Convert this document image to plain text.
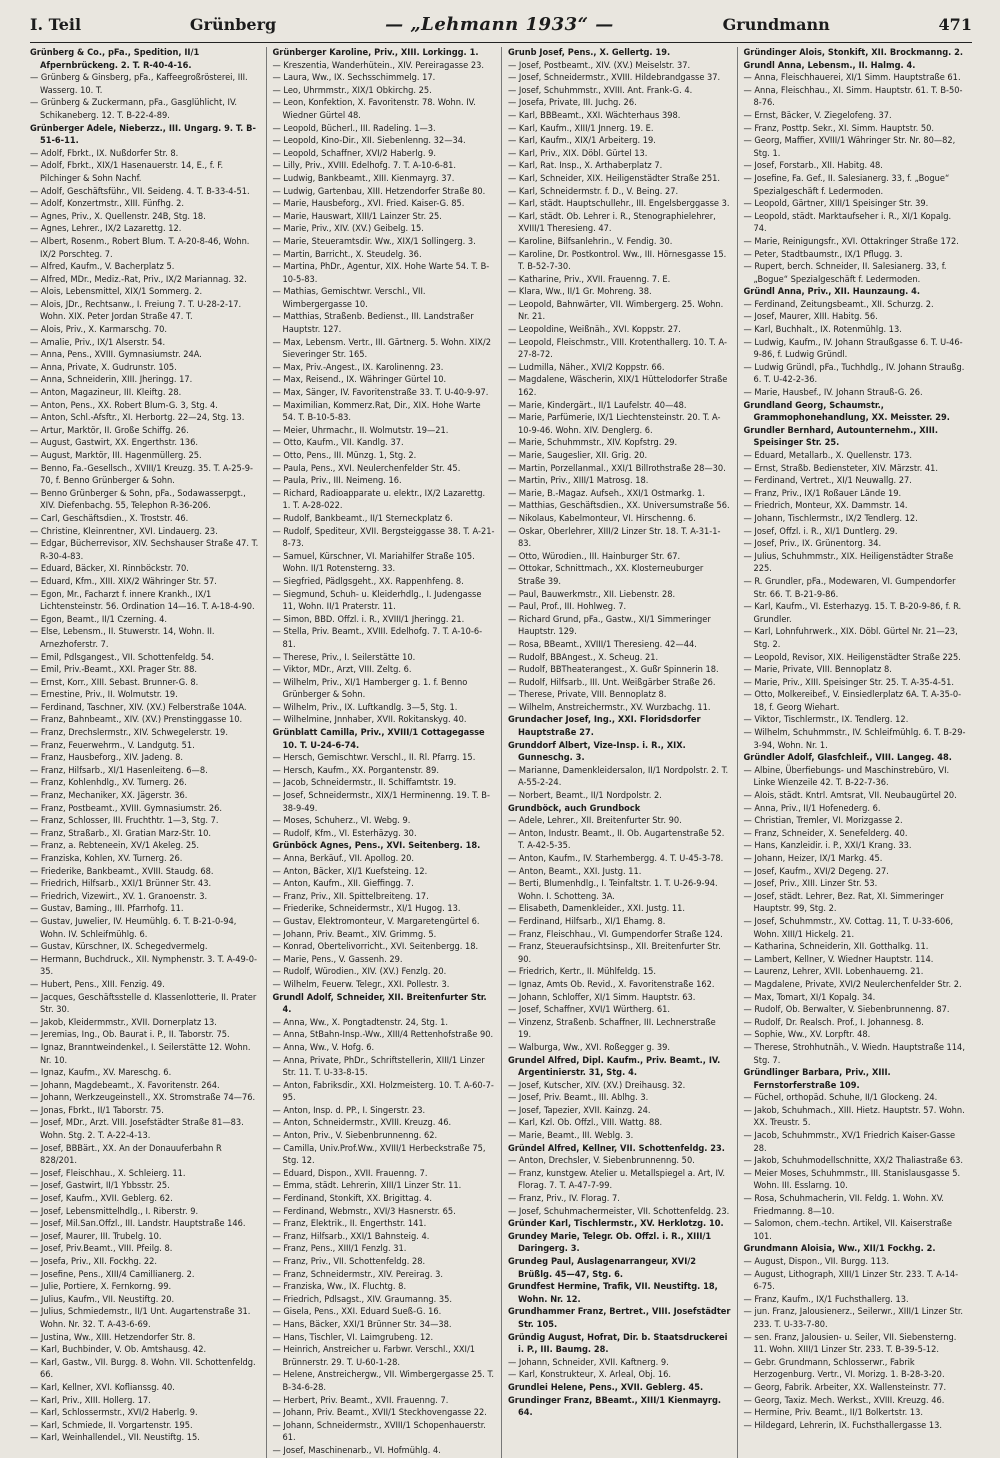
I. Teil	Grünberg	— „Lehmann 1933“ —	Grundmann	471

Grünberg & Co., pFa., Spedition, II/1 Afpernbrückeng. 2. T. R-40-4-16.

— Grünberg & Ginsberg, pFa., Kaffeegroßrösterei, III. Wasserg. 10. T.

— Grünberg & Zuckermann, pFa., Gasglühlicht, IV. Schikaneberg. 12. T. B-22-4-89.

Grünberger Adele, Nieberzz., III. Ungarg. 9. T. B-51-6-11.

— Adolf, Fbrkt., IX. Nußdorfer Str. 8.

— Adolf, Fbrkt., XIX/1 Hasenauerstr. 14, E., f. F. Pilchinger & Sohn Nachf.

— Adolf, Geschäftsführ., VII. Seideng. 4. T. B-33-4-51.

— Adolf, Konzertmstr., XIII. Fünfhg. 2.

— Agnes, Priv., X. Quellenstr. 24B, Stg. 18.

— Agnes, Lehrer., IX/2 Lazarettg. 12.

— Albert, Rosenm., Robert Blum. T. A-20-8-46, Wohn. IX/2 Porschteg. 7.

— Alfred, Kaufm., V. Bacherplatz 5.

— Alfred, MDr., Mediz.-Rat, Priv., IX/2 Mariannag. 32.

— Alois, Lebensmittel, XIX/1 Sommerg. 2.

— Alois, JDr., Rechtsanw., I. Freiung 7. T. U-28-2-17. Wohn. XIX. Peter Jordan Straße 47. T.

— Alois, Priv., X. Karmarschg. 70.

— Amalie, Priv., IX/1 Alserstr. 54.

— Anna, Pens., XVIII. Gymnasiumstr. 24A.

— Anna, Private, X. Gudrunstr. 105.

— Anna, Schneiderin, XIII. Jheringg. 17.

— Anton, Magazineur, III. Kleiftg. 28.

— Anton, Pens., XX. Robert Blum-G. 3, Stg. 4.

— Anton, Schl.-Afsftr., XI. Herbortg. 22—24, Stg. 13.

— Artur, Marktör, II. Große Schiffg. 26.

— August, Gastwirt, XX. Engerthstr. 136.

— August, Marktör, III. Hagenmüllerg. 25.

— Benno, Fa.-Gesellsch., XVIII/1 Kreuzg. 35. T. A-25-9-70, f. Benno Grünberger & Sohn.

— Benno Grünberger & Sohn, pFa., Sodawasserpgt., XIV. Diefenbachg. 55, Telephon R-36-206.

— Carl, Geschäftsdien., X. Troststr. 46.

— Christine, Kleinrentner, XVI. Lindauerg. 23.

— Edgar, Bücherrevisor, XIV. Sechshauser Straße 47. T. R-30-4-83.

— Eduard, Bäcker, XI. Rinnböckstr. 70.

— Eduard, Kfm., XIII. XIX/2 Währinger Str. 57.

— Egon, Mr., Facharzt f. innere Krankh., IX/1 Lichtensteinstr. 56. Ordination 14—16. T. A-18-4-90.

— Egon, Beamt., II/1 Czerning. 4.

— Else, Lebensm., II. Stuwerstr. 14, Wohn. II. Arnezhoferstr. 7.

— Emil, Pdlsgangest., VII. Schottenfeldg. 54.

— Emil, Priv.-Beamt., XXI. Prager Str. 88.

— Ernst, Korr., XIII. Sebast. Brunner-G. 8.

— Ernestine, Priv., II. Wolmutstr. 19.

— Ferdinand, Taschner, XIV. (XV.) Felberstraße 104A.

— Franz, Bahnbeamt., XIV. (XV.) Prenstinggasse 10.

— Franz, Drechslermstr., XIV. Schwegelerstr. 19.

— Franz, Feuerwehrm., V. Landgutg. 51.

— Franz, Hausbeforg., XIV. Jadeng. 8.

— Franz, Hilfsarb., XI/1 Hasenleiteng. 6—8.

— Franz, Kohlenhdlg., XV. Turnerg. 26.

— Franz, Mechaniker, XX. Jägerstr. 36.

— Franz, Postbeamt., XVIII. Gymnasiumstr. 26.

— Franz, Schlosser, III. Fruchthtr. 1—3, Stg. 7.

— Franz, Straßarb., XI. Gratian Marz-Str. 10.

— Franz, a. Rebteneein, XV/1 Akeleg. 25.

— Franziska, Kohlen, XV. Turnerg. 26.

— Friederike, Bankbeamt., XVIII. Staudg. 68.

— Friedrich, Hilfsarb., XXI/1 Brünner Str. 43.

— Friedrich, Vizewirt., XV. 1. Granoenstr. 3.

— Gustav, Baming., III. Pfarrhofg. 11.

— Gustav, Juwelier, IV. Heumühlg. 6. T. B-21-0-94, Wohn. IV. Schleifmühlg. 6.

— Gustav, Kürschner, IX. Schegedvermelg.

— Hermann, Buchdruck., XII. Nymphenstr. 3. T. A-49-0-35.

— Hubert, Pens., XIII. Fenzig. 49.

— Jacques, Geschäftsstelle d. Klassenlotterie, II. Prater Str. 30.

— Jakob, Kleidermmstr., XVII. Dornerplatz 13.

— Jeremias, Ing., Ob. Baurat i. P., II. Taborstr. 75.

— Ignaz, Branntweindenkel., I. Seilerstätte 12. Wohn. Nr. 10.

— Ignaz, Kaufm., XV. Mareschg. 6.

— Johann, Magdebeamt., X. Favoritenstr. 264.

— Johann, Werkzeugeinstell., XX. Stromstraße 74—76.

— Jonas, Fbrkt., II/1 Taborstr. 75.

— Josef, MDr., Arzt. VIII. Josefstädter Straße 81—83. Wohn. Stg. 2. T. A-22-4-13.

— Josef, BBBärt., XX. An der Donauuferbahn R 828/201.

— Josef, Fleischhau., X. Schleierg. 11.

— Josef, Gastwirt, II/1 Ybbsstr. 25.

— Josef, Kaufm., XVII. Geblerg. 62.

— Josef, Lebensmittelhdlg., I. Riberstr. 9.

— Josef, Mil.San.Offzl., III. Landstr. Hauptstraße 146.

— Josef, Maurer, III. Trubelg. 10.

— Josef, Priv.Beamt., VIII. Pfeilg. 8.

— Josefa, Priv., XII. Fockhg. 22.

— Josefine, Pens., XIII/4 Camillianerg. 2.

— Julie, Portiere, X. Fernkorng. 99.

— Julius, Kaufm., VII. Neustiftg. 20.

— Julius, Schmiedemstr., II/1 Unt. Augartenstraße 31. Wohn. Nr. 32. T. A-43-6-69.

— Justina, Ww., XIII. Hetzendorfer Str. 8.

— Karl, Buchbinder, V. Ob. Amtshausg. 42.

— Karl, Gastw., VII. Burgg. 8. Wohn. VII. Schottenfeldg. 66.

— Karl, Kellner, XVI. Koflianssg. 40.

— Karl, Priv., XIII. Hollerg. 17.

— Karl, Schlossermstr., XVI/2 Haberlg. 9.

— Karl, Schmiede, II. Vorgartenstr. 195.

— Karl, Weinhallendel., VII. Neustiftg. 15.

Grünberger Karoline, Priv., XIII. Lorkingg. 1.

— Kreszentia, Wanderhütein., XIV. Pereiragasse 23.

— Laura, Ww., IX. Sechsschimmelg. 17.

— Leo, Uhrmmstr., XIX/1 Obkirchg. 25.

— Leon, Konfektion, X. Favoritenstr. 78. Wohn. IV. Wiedner Gürtel 48.

— Leopold, Bücherl., III. Radeling. 1—3.

— Leopold, Kino-Dir., XII. Siebenlenng. 32—34.

— Leopold, Schaffner, XVI/2 Haberlg. 9.

— Lilly, Priv., XVIII. Edelhofg. 7. T. A-10-6-81.

— Ludwig, Bankbeamt., XIII. Kienmayrg. 37.

— Ludwig, Gartenbau, XIII. Hetzendorfer Straße 80.

— Marie, Hausbeforg., XVI. Fried. Kaiser-G. 85.

— Marie, Hauswart, XIII/1 Lainzer Str. 25.

— Marie, Priv., XIV. (XV.) Geibelg. 15.

— Marie, Steueramtsdir. Ww., XIX/1 Sollingerg. 3.

— Martin, Barricht., X. Steudelg. 36.

— Martina, PhDr., Agentur, XIX. Hohe Warte 54. T. B-10-5-83.

— Mathias, Gemischtwr. Verschl., VII. Wimbergergasse 10.

— Matthias, Straßenb. Bedienst., III. Landstraßer Hauptstr. 127.

— Max, Lebensm. Vertr., III. Gärtnerg. 5. Wohn. XIX/2 Sieveringer Str. 165.

— Max, Priv.-Angest., IX. Karolinenng. 23.

— Max, Reisend., IX. Währinger Gürtel 10.

— Max, Sänger, IV. Favoritenstraße 33. T. U-40-9-97.

— Maximilian, Kommerz.Rat, Dir., XIX. Hohe Warte 54. T. B-10-5-83.

— Meier, Uhrmachr., II. Wolmutstr. 19—21.

— Otto, Kaufm., VII. Kandlg. 37.

— Otto, Pens., III. Münzg. 1, Stg. 2.

— Paula, Pens., XVI. Neulerchenfelder Str. 45.

— Paula, Priv., III. Neimeng. 16.

— Richard, Radioapparate u. elektr., IX/2 Lazarettg. 1. T. A-28-022.

— Rudolf, Bankbeamt., II/1 Sterneckplatz 6.

— Rudolf, Spediteur, XVII. Bergsteiggasse 38. T. A-21-8-73.

— Samuel, Kürschner, VI. Mariahilfer Straße 105. Wohn. II/1 Rotensterng. 33.

— Siegfried, Pädlgsgeht., XX. Rappenhfeng. 8.

— Siegmund, Schuh- u. Kleiderhdlg., I. Judengasse 11, Wohn. II/1 Praterstr. 11.

— Simon, BBD. Offzl. i. R., XVIII/1 Jheringg. 21.

— Stella, Priv. Beamt., XVIII. Edelhofg. 7. T. A-10-6-81.

— Therese, Priv., I. Seilerstätte 10.

— Viktor, MDr., Arzt, VIII. Zeltg. 6.

— Wilhelm, Priv., XI/1 Hamberger g. 1. f. Benno Grünberger & Sohn.

— Wilhelm, Priv., IX. Luftkandlg. 3—5, Stg. 1.

— Wilhelmine, Jnnhaber, XVII. Rokitanskyg. 40.

Grünblatt Camilla, Priv., XVIII/1 Cottagegasse 10. T. U-24-6-74.

— Hersch, Gemischtwr. Verschl., II. Rl. Pfarrg. 15.

— Hersch, Kaufm., XX. Porgantenstr. 89.

— Jacob, Schneidermstr., II. Schiffamtstr. 19.

— Josef, Schneidermstr., XIX/1 Herminenng. 19. T. B-38-9-49.

— Moses, Schuherz., VI. Webg. 9.

— Rudolf, Kfm., VI. Esterhäzyg. 30.

Grünböck Agnes, Pens., XVI. Seitenberg. 18.

— Anna, Berkäuf., VII. Apollog. 20.

— Anton, Bäcker, XI/1 Kuefsteing. 12.

— Anton, Kaufm., XII. Gieffingg. 7.

— Franz, Priv., XII. Spittelbreiteng. 17.

— Friederike, Schneidermstr., XI/1 Hugog. 13.

— Gustav, Elektromonteur, V. Margaretengürtel 6.

— Johann, Priv. Beamt., XIV. Grimmg. 5.

— Konrad, Obertelivorricht., XVI. Seitenbergg. 18.

— Marie, Pens., V. Gassenh. 29.

— Rudolf, Würodien., XIV. (XV.) Fenzlg. 20.

— Wilhelm, Feuerw. Telegr., XXI. Pollestr. 3.

Grundl Adolf, Schneider, XII. Breitenfurter Str. 4.

— Anna, Ww., X. Pongtadtenstr. 24, Stg. 1.

— Anna, StBahn-Insp.-Ww., XIII/4 Rettenhofstraße 90.

— Anna, Ww., V. Hofg. 6.

— Anna, Private, PhDr., Schriftstellerin, XIII/1 Linzer Str. 11. T. U-33-8-15.

— Anton, Fabriksdir., XXI. Holzmeisterg. 10. T. A-60-7-95.

— Anton, Insp. d. PP., I. Singerstr. 23.

— Anton, Schneidermstr., XVIII. Kreuzg. 46.

— Anton, Priv., V. Siebenbrunnenng. 62.

— Camilla, Univ.Prof.Ww., XVIII/1 Herbeckstraße 75, Stg. 12.

— Eduard, Dispon., XVII. Frauenng. 7.

— Emma, städt. Lehrerin, XIII/1 Linzer Str. 11.

— Ferdinand, Stonkift, XX. Brigittag. 4.

— Ferdinand, Webmstr., XVI/3 Hasnerstr. 65.

— Franz, Elektrik., II. Engerthstr. 141.

— Franz, Hilfsarb., XXI/1 Bahnsteig. 4.

— Franz, Pens., XIII/1 Fenzlg. 31.

— Franz, Priv., VII. Schottenfeldg. 28.

— Franz, Schneidermstr., XIV. Pereirag. 3.

— Franziska, Ww., IX. Fluchtg. 8.

— Friedrich, Pdlsagst., XIV. Graumanng. 35.

— Gisela, Pens., XXI. Eduard Sueß-G. 16.

— Hans, Bäcker, XXI/1 Brünner Str. 34—38.

— Hans, Tischler, VI. Laimgrubeng. 12.

— Heinrich, Anstreicher u. Farbwr. Verschl., XXI/1 Brünnerstr. 29. T. U-60-1-28.

— Helene, Anstreichergw., VII. Wimbergergasse 25. T. B-34-6-28.

— Herbert, Priv. Beamt., XVII. Frauenng. 7.

— Johann, Priv. Beamt., XVII/1 Steckhovengasse 22.

— Johann, Schneidermstr., XVIII/1 Schopenhauerstr. 61.

— Josef, Maschinenarb., VI. Hofmühlg. 4.

Grunb Josef, Pens., X. Gellertg. 19.

— Josef, Postbeamt., XIV. (XV.) Meiselstr. 37.

— Josef, Schneidermstr., XVIII. Hildebrandgasse 37.

— Josef, Schuhmmstr., XVIII. Ant. Frank-G. 4.

— Josefa, Private, III. Juchg. 26.

— Karl, BBBeamt., XXI. Wächterhaus 398.

— Karl, Kaufm., XIII/1 Jnnerg. 19. E.

— Karl, Kaufm., XIX/1 Arbeiterg. 19.

— Karl, Priv., XIX. Döbl. Gürtel 13.

— Karl, Rat. Insp., X. Arthaberplatz 7.

— Karl, Schneider, XIX. Heiligenstädter Straße 251.

— Karl, Schneidermstr. f. D., V. Being. 27.

— Karl, städt. Hauptschullehr., III. Engelsberggasse 3.

— Karl, städt. Ob. Lehrer i. R., Stenographielehrer, XVIII/1 Theresieng. 47.

— Karoline, Bilfsanlehrin., V. Fendig. 30.

— Karoline, Dr. Postkontrol. Ww., III. Hörnesgasse 15. T. B-52-7-30.

— Katharine, Priv., XVII. Frauenng. 7. E.

— Klara, Ww., II/1 Gr. Mohreng. 38.

— Leopold, Bahnwärter, VII. Wimbergerg. 25. Wohn. Nr. 21.

— Leopoldine, Weißnäh., XVI. Koppstr. 27.

— Leopold, Fleischmstr., VIII. Krotenthallerg. 10. T. A-27-8-72.

— Ludmilla, Näher., XVI/2 Koppstr. 66.

— Magdalene, Wäscherin, XIX/1 Hüttelodorfer Straße 162.

— Marie, Kindergärt., II/1 Laufelstr. 40—48.

— Marie, Parfümerie, IX/1 Liechtensteinstr. 20. T. A-10-9-46. Wohn. XIV. Denglerg. 6.

— Marie, Schuhmmstr., XIV. Kopfstrg. 29.

— Marie, Saugeslier, XII. Grig. 20.

— Martin, Porzellanmal., XXI/1 Billrothstraße 28—30.

— Martin, Priv., XIII/1 Matrosg. 18.

— Marie, B.-Magaz. Aufseh., XXI/1 Ostmarkg. 1.

— Matthias, Geschäftsdien., XX. Universumstraße 56.

— Nikolaus, Kabelmonteur, VI. Hirschenng. 6.

— Oskar, Oberlehrer, XIII/2 Linzer Str. 18. T. A-31-1-83.

— Otto, Würodien., III. Hainburger Str. 67.

— Ottokar, Schnittmach., XX. Klosterneuburger Straße 39.

— Paul, Bauwerkmstr., XII. Liebenstr. 28.

— Paul, Prof., III. Hohlweg. 7.

— Richard Grund, pFa., Gastw., XI/1 Simmeringer Hauptstr. 129.

— Rosa, BBeamt., XVIII/1 Theresieng. 42—44.

— Rudolf, BBAngest., X. Scheug. 21.

— Rudolf, BBTheaterangest., X. Gußr Spinnerin 18.

— Rudolf, Hilfsarb., III. Unt. Weißgärber Straße 26.

— Therese, Private, VIII. Bennoplatz 8.

— Wilhelm, Anstreichermstr., XV. Wurzbachg. 11.

Grundacher Josef, Ing., XXI. Floridsdorfer Hauptstraße 27.

Grunddorf Albert, Vize-Insp. i. R., XIX. Gunneschg. 3.

— Marianne, Damenkleidersalon, II/1 Nordpolstr. 2. T. A-55-2-24.

— Norbert, Beamt., II/1 Nordpolstr. 2.

Grundböck, auch Grundbock

— Adele, Lehrer., XII. Breitenfurter Str. 90.

— Anton, Industr. Beamt., II. Ob. Augartenstraße 52. T. A-42-5-35.

— Anton, Kaufm., IV. Starhembergg. 4. T. U-45-3-78.

— Anton, Beamt., XXI. Justg. 11.

— Berti, Blumenhdlg., I. Teinfaltstr. 1. T. U-26-9-94. Wohn. I. Schotteng. 3A.

— Elisabeth, Damenkleider., XXI. Justg. 11.

— Ferdinand, Hilfsarb., XI/1 Ehamg. 8.

— Franz, Fleischhau., VI. Gumpendorfer Straße 124.

— Franz, Steueraufsichtsinsp., XII. Breitenfurter Str. 90.

— Friedrich, Kertr., II. Mühlfeldg. 15.

— Ignaz, Amts Ob. Revid., X. Favoritenstraße 162.

— Johann, Schloffer, XI/1 Simm. Hauptstr. 63.

— Josef, Schaffner, XVI/1 Würtherg. 61.

— Vinzenz, Straßenb. Schaffner, III. Lechnerstraße 19.

— Walburga, Ww., XVI. Roßegger g. 39.

Grundel Alfred, Dipl. Kaufm., Priv. Beamt., IV. Argentinierstr. 31, Stg. 4.

— Josef, Kutscher, XIV. (XV.) Dreihausg. 32.

— Josef, Priv. Beamt., III. Ablhg. 3.

— Josef, Tapezier, XVII. Kainzg. 24.

— Karl, Kzl. Ob. Offzl., VIII. Wattg. 88.

— Marie, Beamt., III. Weblg. 3.

Gründel Alfred, Kellner, VII. Schottenfeldg. 23.

— Anton, Drechsler, V. Siebenbrunnenng. 50.

— Franz, kunstgew. Atelier u. Metallspiegel a. Art, IV. Florag. 7. T. A-47-7-99.

— Franz, Priv., IV. Florag. 7.

— Josef, Schuhmachermeister, VII. Schottenfeldg. 23.

Gründer Karl, Tischlermstr., XV. Herklotzg. 10.

Grundey Marie, Telegr. Ob. Offzl. i. R., XIII/1 Daringerg. 3.

Grundeg Paul, Auslagenarrangeur, XVI/2 Brüßlg. 45—47, Stg. 6.

Grundfest Hermine, Trafik, VII. Neustiftg. 18, Wohn. Nr. 12.

Grundhammer Franz, Bertret., VIII. Josefstädter Str. 105.

Gründig August, Hofrat, Dir. b. Staatsdruckerei i. P., III. Baumg. 28.

— Johann, Schneider, XVII. Kaftnerg. 9.

— Karl, Konstrukteur, X. Arleal, Obj. 16.

Grundlei Helene, Pens., XVII. Geblerg. 45.

Grundinger Franz, BBeamt., XIII/1 Kienmayrg. 64.

Gründinger Alois, Stonkift, XII. Brockmanng. 2.

Grundl Anna, Lebensm., II. Halmg. 4.

— Anna, Fleischhauerei, XI/1 Simm. Hauptstraße 61.

— Anna, Fleischhau., XI. Simm. Hauptstr. 61. T. B-50-8-76.

— Ernst, Bäcker, V. Ziegelofeng. 37.

— Franz, Posttp. Sekr., XI. Simm. Hauptstr. 50.

— Georg, Maffier, XVIII/1 Währinger Str. Nr. 80—82, Stg. 1.

— Josef, Forstarb., XII. Habitg. 48.

— Josefine, Fa. Gef., II. Salesianerg. 33, f. „Bogue“ Spezialgeschäft f. Ledermoden.

— Leopold, Gärtner, XIII/1 Speisinger Str. 39.

— Leopold, städt. Marktaufseher i. R., XI/1 Kopalg. 74.

— Marie, Reinigungsfr., XVI. Ottakringer Straße 172.

— Peter, Stadtbaumstr., IX/1 Pflugg. 3.

— Rupert, berch. Schneider, II. Salesianerg. 33, f. „Bogue“ Spezialgeschäft f. Ledermoden.

Gründl Anna, Priv., XII. Haunzaung. 4.

— Ferdinand, Zeitungsbeamt., XII. Schurzg. 2.

— Josef, Maurer, XIII. Habitg. 56.

— Karl, Buchhalt., IX. Rotenmühlg. 13.

— Ludwig, Kaufm., IV. Johann Straußgasse 6. T. U-46-9-86, f. Ludwig Gründl.

— Ludwig Gründl, pFa., Tuchhdlg., IV. Johann Straußg. 6. T. U-42-2-36.

— Marie, Hausbef., IV. Johann Strauß-G. 26.

Grundland Georg, Schaumstr., Grammophonehandlung, XX. Meisster. 29.

Grundler Bernhard, Autounternehm., XIII. Speisinger Str. 25.

— Eduard, Metallarb., X. Quellenstr. 173.

— Ernst, Straßb. Bediensteter, XIV. Märzstr. 41.

— Ferdinand, Vertret., XI/1 Neuwallg. 27.

— Franz, Priv., IX/1 Roßauer Lände 19.

— Friedrich, Monteur, XX. Dammstr. 14.

— Johann, Tischlermstr., IX/2 Tendlerg. 12.

— Josef, Offzl. i. R., XI/1 Duntlerg. 29.

— Josef, Priv., IX. Grünentorg. 34.

— Julius, Schuhmmstr., XIX. Heiligenstädter Straße 225.

— R. Grundler, pFa., Modewaren, VI. Gumpendorfer Str. 66. T. B-21-9-86.

— Karl, Kaufm., VI. Esterhazyg. 15. T. B-20-9-86, f. R. Grundler.

— Karl, Lohnfuhrwerk., XIX. Döbl. Gürtel Nr. 21—23, Stg. 2.

— Leopold, Revisor, XIX. Heiligenstädter Straße 225.

— Marie, Private, VIII. Bennoplatz 8.

— Marie, Priv., XIII. Speisinger Str. 25. T. A-35-4-51.

— Otto, Molkereibef., V. Einsiedlerplatz 6A. T. A-35-0-18, f. Georg Wiehart.

— Viktor, Tischlermstr., IX. Tendlerg. 12.

— Wilhelm, Schuhmmstr., IV. Schleifmühlg. 6. T. B-29-3-94, Wohn. Nr. 1.

Gründler Adolf, Glasfchleif., VIII. Langeg. 48.

— Albine, Überfiebungs- und Maschinstrebüro, VI. Linke Wienzeile 42. T. B-22-7-36.

— Alois, städt. Kntrl. Amtsrat, VII. Neubaugürtel 20.

— Anna, Priv., II/1 Hofenederg. 6.

— Christian, Tremler, VI. Morizgasse 2.

— Franz, Schneider, X. Senefelderg. 40.

— Hans, Kanzleidir. i. P., XXI/1 Krang. 33.

— Johann, Heizer, IX/1 Markg. 45.

— Josef, Kaufm., XVI/2 Degeng. 27.

— Josef, Priv., XIII. Linzer Str. 53.

— Josef, städt. Lehrer, Bez. Rat, XI. Simmeringer Hauptstr. 99, Stg. 2.

— Josef, Schuhmmstr., XV. Cottag. 11, T. U-33-606, Wohn. XIII/1 Hickelg. 21.

— Katharina, Schneiderin, XII. Gotthalkg. 11.

— Lambert, Kellner, V. Wiedner Hauptstr. 114.

— Laurenz, Lehrer, XVII. Lobenhauerng. 21.

— Magdalene, Private, XVI/2 Neulerchenfelder Str. 2.

— Max, Tomart, XI/1 Kopalg. 34.

— Rudolf, Ob. Berwalter, V. Siebenbrunnenng. 87.

— Rudolf, Dr. Realsch. Prof., I. Johannesg. 8.

— Sophie, Ww., XV. Lorpftr. 48.

— Therese, Strohhutnäh., V. Wiedn. Hauptstraße 114, Stg. 7.

Gründlinger Barbara, Priv., XIII. Fernstorferstraße 109.

— Füchel, orthopäd. Schuhe, II/1 Glockeng. 24.

— Jakob, Schuhmach., XIII. Hietz. Hauptstr. 57. Wohn. XX. Treustr. 5.

— Jacob, Schuhmmstr., XV/1 Friedrich Kaiser-Gasse 28.

— Jakob, Schuhmodellschnitte, XX/2 Thaliastraße 63.

— Meier Moses, Schuhmmstr., III. Stanislausgasse 5. Wohn. III. Esslarng. 10.

— Rosa, Schuhmacherin, VII. Feldg. 1. Wohn. XV. Friedmanng. 8—10.

— Salomon, chem.-techn. Artikel, VII. Kaiserstraße 101.

Grundmann Aloisia, Ww., XII/1 Fockhg. 2.

— August, Dispon., VII. Burgg. 113.

— August, Lithograph, XIII/1 Linzer Str. 233. T. A-14-6-75.

— Franz, Kaufm., IX/1 Fuchsthallerg. 13.

— jun. Franz, Jalousienerz., Seilerwr., XIII/1 Linzer Str. 233. T. U-33-7-80.

— sen. Franz, Jalousien- u. Seiler, VII. Siebensterng. 11. Wohn. XIII/1 Linzer Str. 233. T. B-39-5-12.

— Gebr. Grundmann, Schlosserwr., Fabrik Herzogenburg. Vertr., VI. Morizg. 1. B-28-3-20.

— Georg, Fabrik. Arbeiter, XX. Wallensteinstr. 77.

— Georg, Taxiz. Mech. Werkst., XVIII. Kreuzg. 46.

— Hermine, Priv. Beamt., II/1 Bolkertstr. 13.

— Hildegard, Lehrerin, IX. Fuchsthallergasse 13.
